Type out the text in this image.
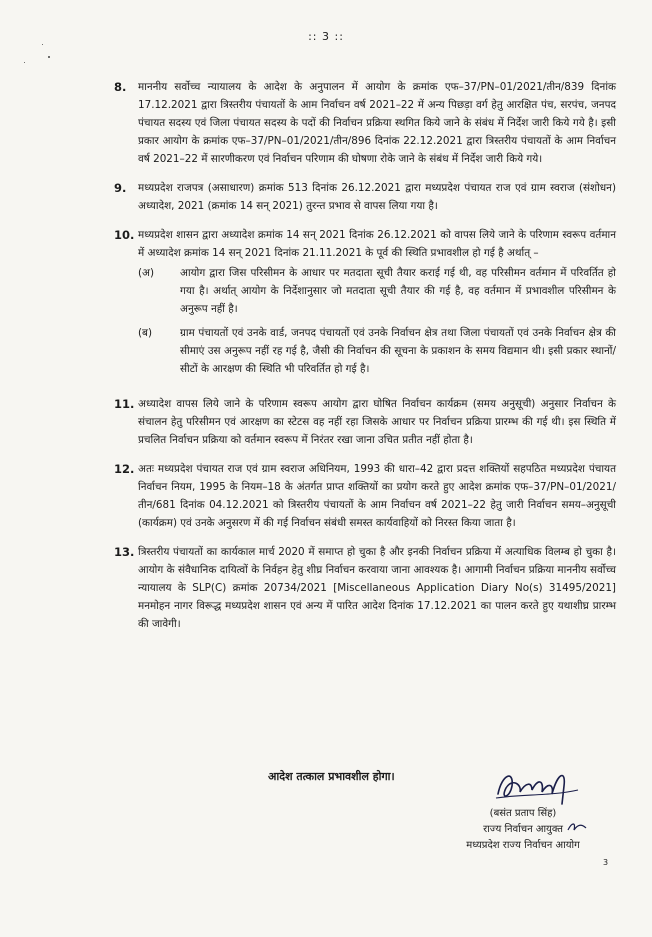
:: 3 ::
8.	माननीय सर्वोच्च न्यायालय के आदेश के अनुपालन में आयोग के क्रमांक एफ–37/PN–01/2021/तीन/839 दिनांक 17.12.2021 द्वारा त्रिस्तरीय पंचायतों के आम निर्वाचन वर्ष 2021–22 में अन्य पिछड़ा वर्ग हेतु आरक्षित पंच, सरपंच, जनपद पंचायत सदस्य एवं जिला पंचायत सदस्य के पदों की निर्वाचन प्रक्रिया स्थगित किये जाने के संबंध में निर्देश जारी किये गये है। इसी प्रकार आयोग के क्रमांक एफ–37/PN–01/2021/तीन/896 दिनांक 22.12.2021 द्वारा त्रिस्तरीय पंचायतों के आम निर्वाचन वर्ष 2021–22 में सारणीकरण एवं निर्वाचन परिणाम की घोषणा रोके जाने के संबंध में निर्देश जारी किये गये।
9.	मध्यप्रदेश राजपत्र (असाधारण) क्रमांक 513 दिनांक 26.12.2021 द्वारा मध्यप्रदेश पंचायत राज एवं ग्राम स्वराज (संशोधन) अध्यादेश, 2021 (क्रमांक 14 सन् 2021) तुरन्त प्रभाव से वापस लिया गया है।
10. मध्यप्रदेश शासन द्वारा अध्यादेश क्रमांक 14 सन् 2021 दिनांक 26.12.2021 को वापस लिये जाने के परिणाम स्वरूप वर्तमान में अध्यादेश क्रमांक 14 सन् 2021 दिनांक 21.11.2021 के पूर्व की स्थिति प्रभावशील हो गई है अर्थात् –
(अ)	आयोग द्वारा जिस परिसीमन के आधार पर मतदाता सूची तैयार कराई गई थी, वह परिसीमन वर्तमान में परिवर्तित हो गया है। अर्थात् आयोग के निर्देशानुसार जो मतदाता सूची तैयार की गई है, वह वर्तमान में प्रभावशील परिसीमन के अनुरूप नहीं है।
(ब)	ग्राम पंचायतों एवं उनके वार्ड, जनपद पंचायतों एवं उनके निर्वाचन क्षेत्र तथा जिला पंचायतों एवं उनके निर्वाचन क्षेत्र की सीमाएं उस अनुरूप नहीं रह गई है, जैसी की निर्वाचन की सूचना के प्रकाशन के समय विद्यमान थी। इसी प्रकार स्थानों/सीटों के आरक्षण की स्थिति भी परिवर्तित हो गई है।
11. अध्यादेश वापस लिये जाने के परिणाम स्वरूप आयोग द्वारा घोषित निर्वाचन कार्यक्रम (समय अनुसूची) अनुसार निर्वाचन के संचालन हेतु परिसीमन एवं आरक्षण का स्टेटस वह नहीं रहा जिसके आधार पर निर्वाचन प्रक्रिया प्रारम्भ की गई थी। इस स्थिति में प्रचलित निर्वाचन प्रक्रिया को वर्तमान स्वरूप में निरंतर रखा जाना उचित प्रतीत नहीं होता है।
12. अतः मध्यप्रदेश पंचायत राज एवं ग्राम स्वराज अधिनियम, 1993 की धारा–42 द्वारा प्रदत्त शक्तियों सहपठित मध्यप्रदेश पंचायत निर्वाचन नियम, 1995 के नियम–18 के अंतर्गत प्राप्त शक्तियों का प्रयोग करते हुए आदेश क्रमांक एफ–37/PN–01/2021/तीन/681 दिनांक 04.12.2021 को त्रिस्तरीय पंचायतों के आम निर्वाचन वर्ष 2021–22 हेतु जारी निर्वाचन समय–अनुसूची (कार्यक्रम) एवं उनके अनुसरण में की गई निर्वाचन संबंधी समस्त कार्यवाहियों को निरस्त किया जाता है।
13. त्रिस्तरीय पंचायतों का कार्यकाल मार्च 2020 में समाप्त हो चुका है और इनकी निर्वाचन प्रक्रिया में अत्याधिक विलम्ब हो चुका है। आयोग के संवैधानिक दायित्वों के निर्वहन हेतु शीघ्र निर्वाचन करवाया जाना आवश्यक है। आगामी निर्वाचन प्रक्रिया माननीय सर्वोच्च न्यायालय के SLP(C) क्रमांक 20734/2021 [Miscellaneous Application Diary No(s) 31495/2021] मनमोहन नागर विरूद्ध मध्यप्रदेश शासन एवं अन्य में पारित आदेश दिनांक 17.12.2021 का पालन करते हुए यथाशीघ्र प्रारम्भ की जावेगी।
आदेश तत्काल प्रभावशील होगा।
(बसंत प्रताप सिंह)
राज्य निर्वाचन आयुक्त
मध्यप्रदेश राज्य निर्वाचन आयोग
3
